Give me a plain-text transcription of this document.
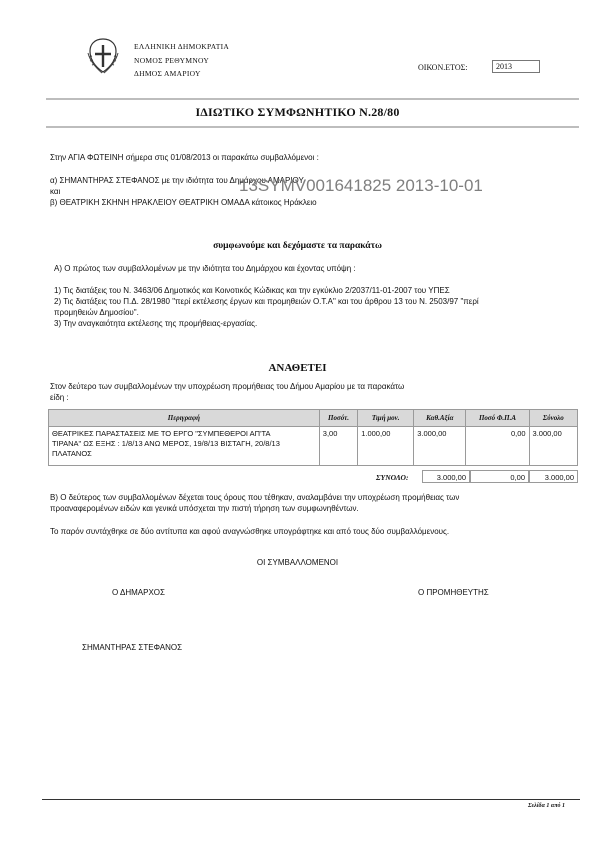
ΕΛΛΗΝΙΚΗ ΔΗΜΟΚΡΑΤΙΑ
ΝΟΜΟΣ ΡΕΘΥΜΝΟΥ
ΔΗΜΟΣ ΑΜΑΡΙΟΥ
ΟΙΚΟΝ.ΕΤΟΣ:	2013
ΙΔΙΩΤΙΚΟ ΣΥΜΦΩΝΗΤΙΚΟ Ν.28/80
Στην ΑΓΙΑ ΦΩΤΕΙΝΗ σήμερα στις 01/08/2013 οι παρακάτω συμβαλλόμενοι :
α) ΣΗΜΑΝΤΗΡΑΣ ΣΤΕΦΑΝΟΣ με την ιδιότητα του Δημάρχου ΑΜΑΡΙΟΥ
και
β) ΘΕΑΤΡΙΚΗ ΣΚΗΝΗ ΗΡΑΚΛΕΙΟΥ ΘΕΑΤΡΙΚΗ ΟΜΑΔΑ κάτοικος Ηράκλειο
13SYMV001641825 2013-10-01
συμφωνούμε και δεχόμαστε τα παρακάτω
Α) Ο πρώτος των συμβαλλομένων με την ιδιότητα του Δημάρχου και έχοντας υπόψη :
1) Τις διατάξεις του Ν. 3463/06 Δημοτικός και Κοινοτικός Κώδικας και την εγκύκλιο 2/2037/11-01-2007 του ΥΠΕΣ
2) Τις διατάξεις του Π.Δ. 28/1980 "περί εκτέλεσης έργων και προμηθειών Ο.Τ.Α" και του άρθρου 13 του Ν. 2503/97 "περί
προμηθειών Δημοσίου".
3) Την αναγκαιότητα εκτέλεσης της προμήθειας-εργασίας.
ΑΝΑΘΕΤΕΙ
Στον δεύτερο των συμβαλλομένων την υποχρέωση προμήθειας του Δήμου Αμαρίου με τα παρακάτω
είδη :
Περιγραφή	Ποσότ.	Τιμή μον.	Καθ.Αξία	Ποσό Φ.Π.Α	Σύνολο

ΘΕΑΤΡΙΚΕΣ ΠΑΡΑΣΤΑΣΕΙΣ ΜΕ ΤΟ ΕΡΓΟ "ΣΥΜΠΕΘΕΡΟΙ ΑΠ'ΤΑ
ΤΙΡΑΝΑ" ΩΣ ΕΞΗΣ : 1/8/13 ΑΝΩ ΜΕΡΟΣ, 19/8/13 ΒΙΣΤΑΓΗ, 20/8/13
ΠΛΑΤΑΝΟΣ	3,00	1.000,00	3.000,00	0,00	3.000,00
ΣΥΝΟΛΟ:	3.000,00	0,00	3.000,00
Β) Ο δεύτερος των συμβαλλομένων δέχεται τους όρους που τέθηκαν, αναλαμβάνει την υποχρέωση προμήθειας των
προαναφερομένων ειδών και γενικά υπόσχεται την πιστή τήρηση των συμφωνηθέντων.
Το παρόν συντάχθηκε σε δύο αντίτυπα και αφού αναγνώσθηκε υπογράφτηκε και από τους δύο συμβαλλόμενους.
ΟΙ ΣΥΜΒΑΛΛΟΜΕΝΟΙ
Ο ΔΗΜΑΡΧΟΣ	Ο ΠΡΟΜΗΘΕΥΤΗΣ
ΣΗΜΑΝΤΗΡΑΣ ΣΤΕΦΑΝΟΣ
Σελίδα 1 από 1
